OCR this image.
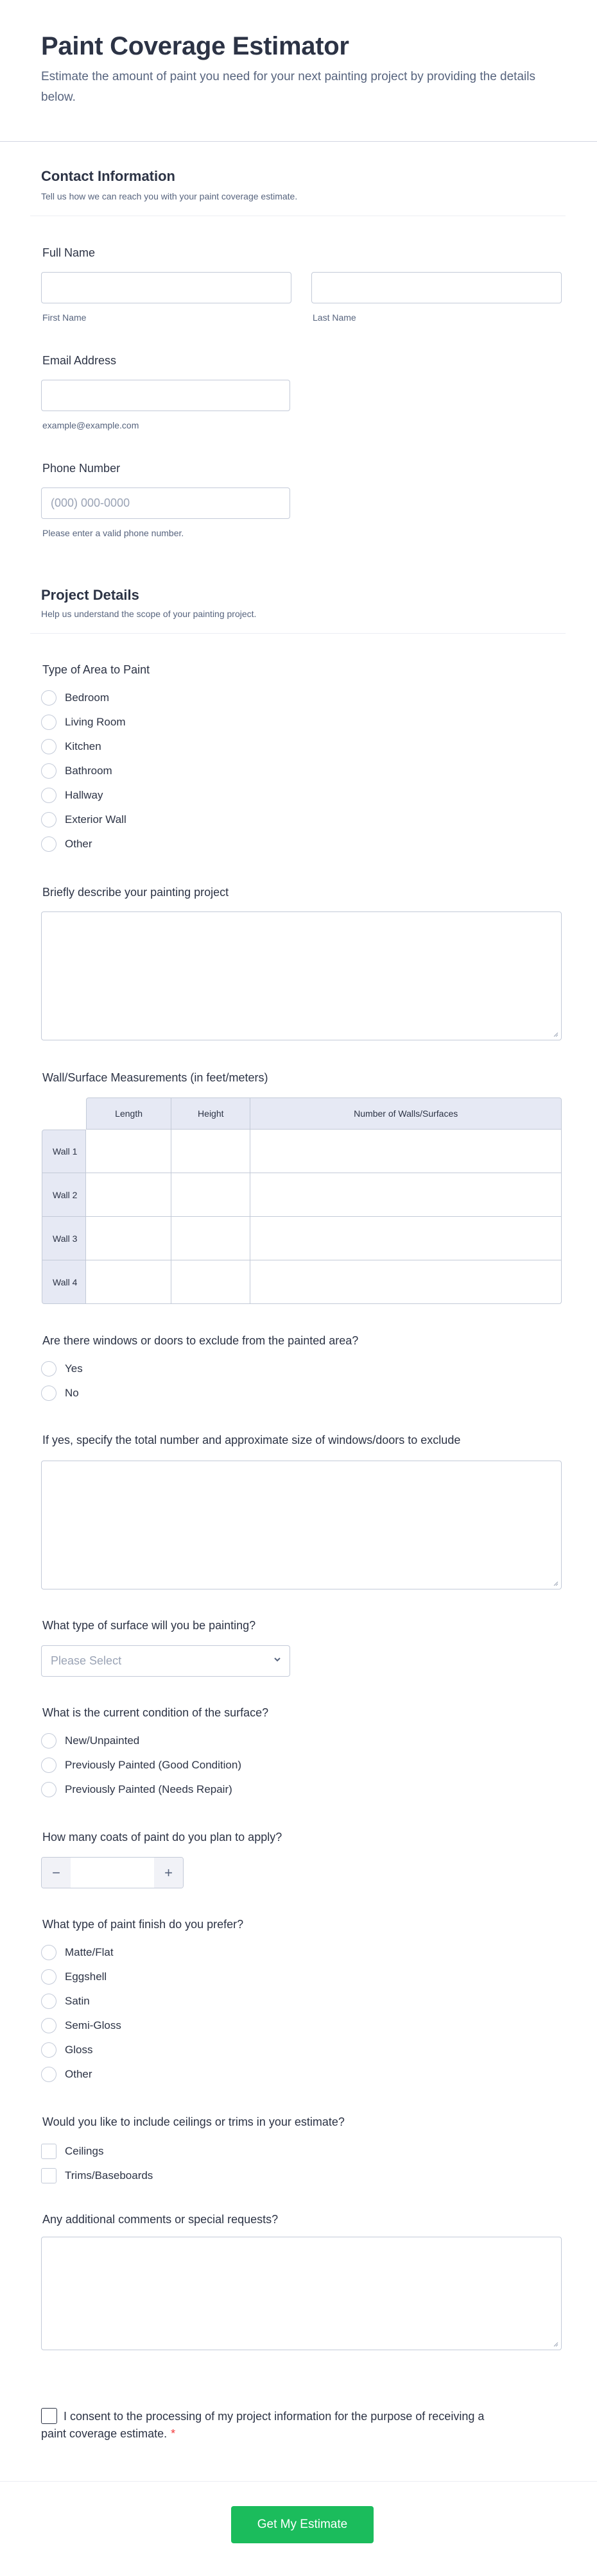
Paint Coverage Estimator

Estimate the amount of paint you need for your next painting project by providing the details below.

Contact Information

Tell us how we can reach you with your paint coverage estimate.

Full Name
First Name	Last Name
Email Address
example@example.com
Phone Number
(000) 000-0000
Please enter a valid phone number.
Project Details

Help us understand the scope of your painting project.

Type of Area to Paint
Bedroom
Living Room
Kitchen
Bathroom
Hallway
Exterior Wall
Other
Briefly describe your painting project
Wall/Surface Measurements (in feet/meters)
	Length	Height	Number of Walls/Surfaces
Wall 1			
Wall 2			
Wall 3			
Wall 4			
Are there windows or doors to exclude from the painted area?
Yes
No
If yes, specify the total number and approximate size of windows/doors to exclude
What type of surface will you be painting?
Please Select
What is the current condition of the surface?
New/Unpainted
Previously Painted (Good Condition)
Previously Painted (Needs Repair)
How many coats of paint do you plan to apply?
−	+
What type of paint finish do you prefer?
Matte/Flat
Eggshell
Satin
Semi-Gloss
Gloss
Other
Would you like to include ceilings or trims in your estimate?
Ceilings
Trims/Baseboards
Any additional comments or special requests?
I consent to the processing of my project information for the purpose of receiving a paint coverage estimate. *
Get My Estimate
